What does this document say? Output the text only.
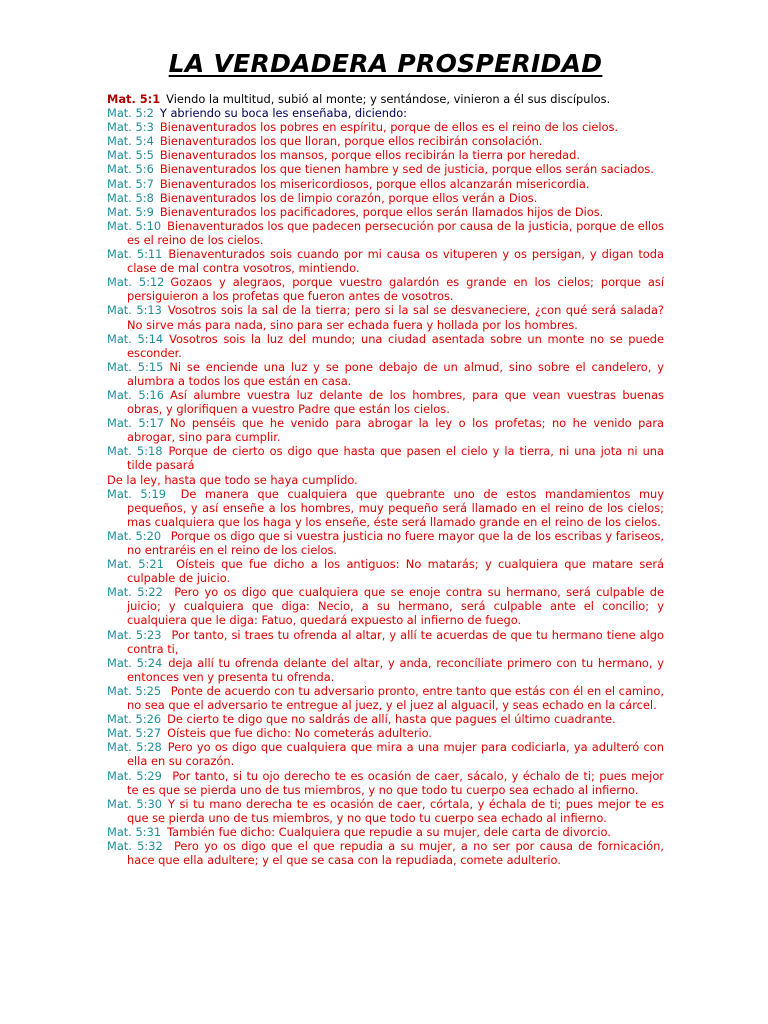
LA VERDADERA PROSPERIDAD
Mat. 5:1 Viendo la multitud, subió al monte; y sentándose, vinieron a él sus discípulos.
Mat. 5:2 Y abriendo su boca les enseñaba, diciendo:
Mat. 5:3 Bienaventurados los pobres en espíritu, porque de ellos es el reino de los cielos.
Mat. 5:4 Bienaventurados los que lloran, porque ellos recibirán consolación.
Mat. 5:5 Bienaventurados los mansos, porque ellos recibirán la tierra por heredad.
Mat. 5:6 Bienaventurados los que tienen hambre y sed de justicia, porque ellos serán saciados.
Mat. 5:7 Bienaventurados los misericordiosos, porque ellos alcanzarán misericordia.
Mat. 5:8 Bienaventurados los de limpio corazón, porque ellos verán a Dios.
Mat. 5:9 Bienaventurados los pacificadores, porque ellos serán llamados hijos de Dios.
Mat. 5:10 Bienaventurados los que padecen persecución por causa de la justicia, porque de ellos es el reino de los cielos.
Mat. 5:11 Bienaventurados sois cuando por mi causa os vituperen y os persigan, y digan toda clase de mal contra vosotros, mintiendo.
Mat. 5:12 Gozaos y alegraos, porque vuestro galardón es grande en los cielos; porque así persiguieron a los profetas que fueron antes de vosotros.
Mat. 5:13 Vosotros sois la sal de la tierra; pero si la sal se desvaneciere, ¿con qué será salada? No sirve más para nada, sino para ser echada fuera y hollada por los hombres.
Mat. 5:14 Vosotros sois la luz del mundo; una ciudad asentada sobre un monte no se puede esconder.
Mat. 5:15 Ni se enciende una luz y se pone debajo de un almud, sino sobre el candelero, y alumbra a todos los que están en casa.
Mat. 5:16 Así alumbre vuestra luz delante de los hombres, para que vean vuestras buenas obras, y glorifiquen a vuestro Padre que están los cielos.
Mat. 5:17 No penséis que he venido para abrogar la ley o los profetas; no he venido para abrogar, sino para cumplir.
Mat. 5:18 Porque de cierto os digo que hasta que pasen el cielo y la tierra, ni una jota ni una tilde pasará
De la ley, hasta que todo se haya cumplido.
Mat. 5:19 De manera que cualquiera que quebrante uno de estos mandamientos muy pequeños, y así enseñe a los hombres, muy pequeño será llamado en el reino de los cielos; mas cualquiera que los haga y los enseñe, éste será llamado grande en el reino de los cielos.
Mat. 5:20 Porque os digo que si vuestra justicia no fuere mayor que la de los escribas y fariseos, no entraréis en el reino de los cielos.
Mat. 5:21 Oísteis que fue dicho a los antiguos: No matarás; y cualquiera que matare será culpable de juicio.
Mat. 5:22 Pero yo os digo que cualquiera que se enoje contra su hermano, será culpable de juicio; y cualquiera que diga: Necio, a su hermano, será culpable ante el concilio; y cualquiera que le diga: Fatuo, quedará expuesto al infierno de fuego.
Mat. 5:23 Por tanto, si traes tu ofrenda al altar, y allí te acuerdas de que tu hermano tiene algo contra ti,
Mat. 5:24 deja allí tu ofrenda delante del altar, y anda, reconcíliate primero con tu hermano, y entonces ven y presenta tu ofrenda.
Mat. 5:25 Ponte de acuerdo con tu adversario pronto, entre tanto que estás con él en el camino, no sea que el adversario te entregue al juez, y el juez al alguacil, y seas echado en la cárcel.
Mat. 5:26 De cierto te digo que no saldrás de allí, hasta que pagues el último cuadrante.
Mat. 5:27 Oísteis que fue dicho: No cometerás adulterio.
Mat. 5:28 Pero yo os digo que cualquiera que mira a una mujer para codiciarla, ya adulteró con ella en su corazón.
Mat. 5:29 Por tanto, si tu ojo derecho te es ocasión de caer, sácalo, y échalo de ti; pues mejor te es que se pierda uno de tus miembros, y no que todo tu cuerpo sea echado al infierno.
Mat. 5:30 Y si tu mano derecha te es ocasión de caer, córtala, y échala de ti; pues mejor te es que se pierda uno de tus miembros, y no que todo tu cuerpo sea echado al infierno.
Mat. 5:31 También fue dicho: Cualquiera que repudie a su mujer, dele carta de divorcio.
Mat. 5:32 Pero yo os digo que el que repudia a su mujer, a no ser por causa de fornicación, hace que ella adultere; y el que se casa con la repudiada, comete adulterio.
